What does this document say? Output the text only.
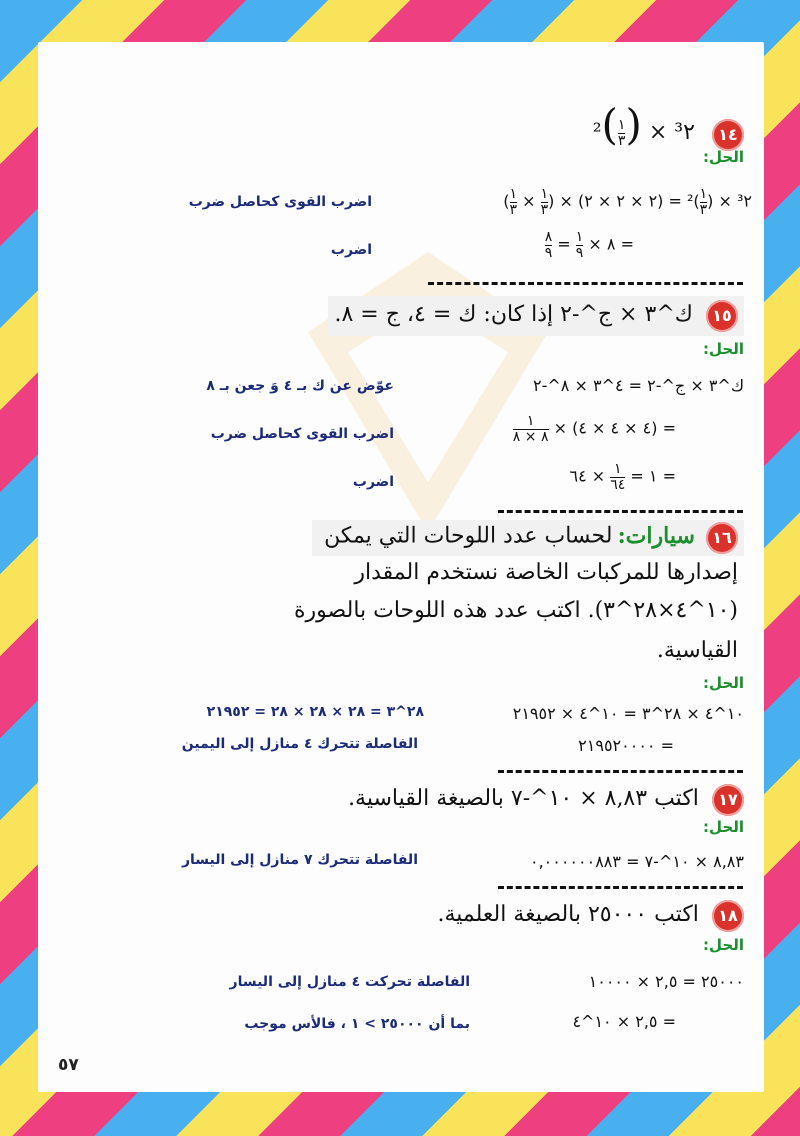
١٤ $^2( \frac{١}{٣}$ ) × ³٢
الحل:
( $\frac{١}{٣} \times \frac{١}{٣}$ ) × (٢ × ٢ × ٢) = $^2( \frac{١}{٣}$ ) × ³٢
اضرب القوى كحاصل ضرب
$\frac{٨}{٩} = \frac{١}{٩}$ × ٨ =
اضرب
١٥ ك^٣ × ج^-٢ إذا كان: ك = ٤، ج = ٨.
الحل:
ك^٣ × ج^-٢ = ٤^٣ × ٨^-٢
عوّض عن ك بـ ٤ وَ جعن بـ ٨
$\frac{١}{٨ \times ٨}$ × (٤ × ٤ × ٤) =
اضرب القوى كحاصل ضرب
١ =
$\frac{١}{٦٤}$
× ٦٤ =
اضرب
١٦ سيارات: لحساب عدد اللوحات التي يمكن
إصدارها للمركبات الخاصة نستخدم المقدار
(١٠^٤×٢٨^٣). اكتب عدد هذه اللوحات بالصورة
القياسية.
الحل:
١٠^٤ × ٢٨^٣ = ١٠^٤ × ٢١٩٥٢
٢٨^٣ = ٢٨ × ٢٨ × ٢٨ = ٢١٩٥٢
= ٢١٩٥٢٠٠٠٠
الفاصلة تتحرك ٤ منازل إلى اليمين
١٧ اكتب ٨,٨٣ × ١٠^-٧ بالصيغة القياسية.
الحل:
٨,٨٣ × ١٠^-٧ = ٠,٠٠٠٠٠٠٨٨٣
الفاصلة تتحرك ٧ منازل إلى اليسار
١٨ اكتب ٢٥٠٠٠ بالصيغة العلمية.
الحل:
٢٥٠٠٠ = ٢,٥ × ١٠٠٠٠
الفاصلة تحركت ٤ منازل إلى اليسار
= ٢,٥ × ١٠^٤
بما أن ٢٥٠٠٠ > ١ ، فالأس موجب
٥٧
